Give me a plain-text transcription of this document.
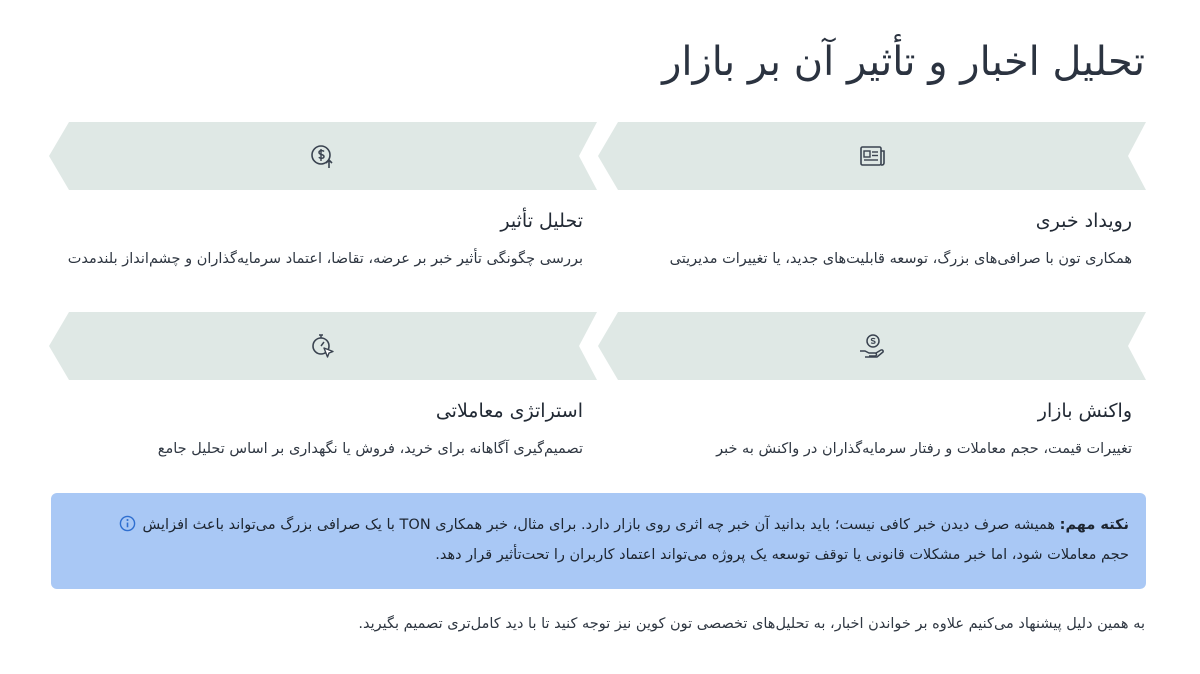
تحلیل اخبار و تأثیر آن بر بازار
رویداد خبری
همکاری تون با صرافی‌های بزرگ، توسعه قابلیت‌های جدید، یا تغییرات مدیریتی
تحلیل تأثیر
بررسی چگونگی تأثیر خبر بر عرضه، تقاضا، اعتماد سرمایه‌گذاران و چشم‌انداز بلندمدت
واکنش بازار
تغییرات قیمت، حجم معاملات و رفتار سرمایه‌گذاران در واکنش به خبر
استراتژی معاملاتی
تصمیم‌گیری آگاهانه برای خرید، فروش یا نگهداری بر اساس تحلیل جامع
نکته مهم: همیشه صرف دیدن خبر کافی نیست؛ باید بدانید آن خبر چه اثری روی بازار دارد. برای مثال، خبر همکاری TON با یک صرافی بزرگ می‌تواند باعث افزایش حجم معاملات شود، اما خبر مشکلات قانونی یا توقف توسعه یک پروژه می‌تواند اعتماد کاربران را تحت‌تأثیر قرار دهد.

به همین دلیل پیشنهاد می‌کنیم علاوه بر خواندن اخبار، به تحلیل‌های تخصصی تون کوین نیز توجه کنید تا با دید کامل‌تری تصمیم بگیرید.
